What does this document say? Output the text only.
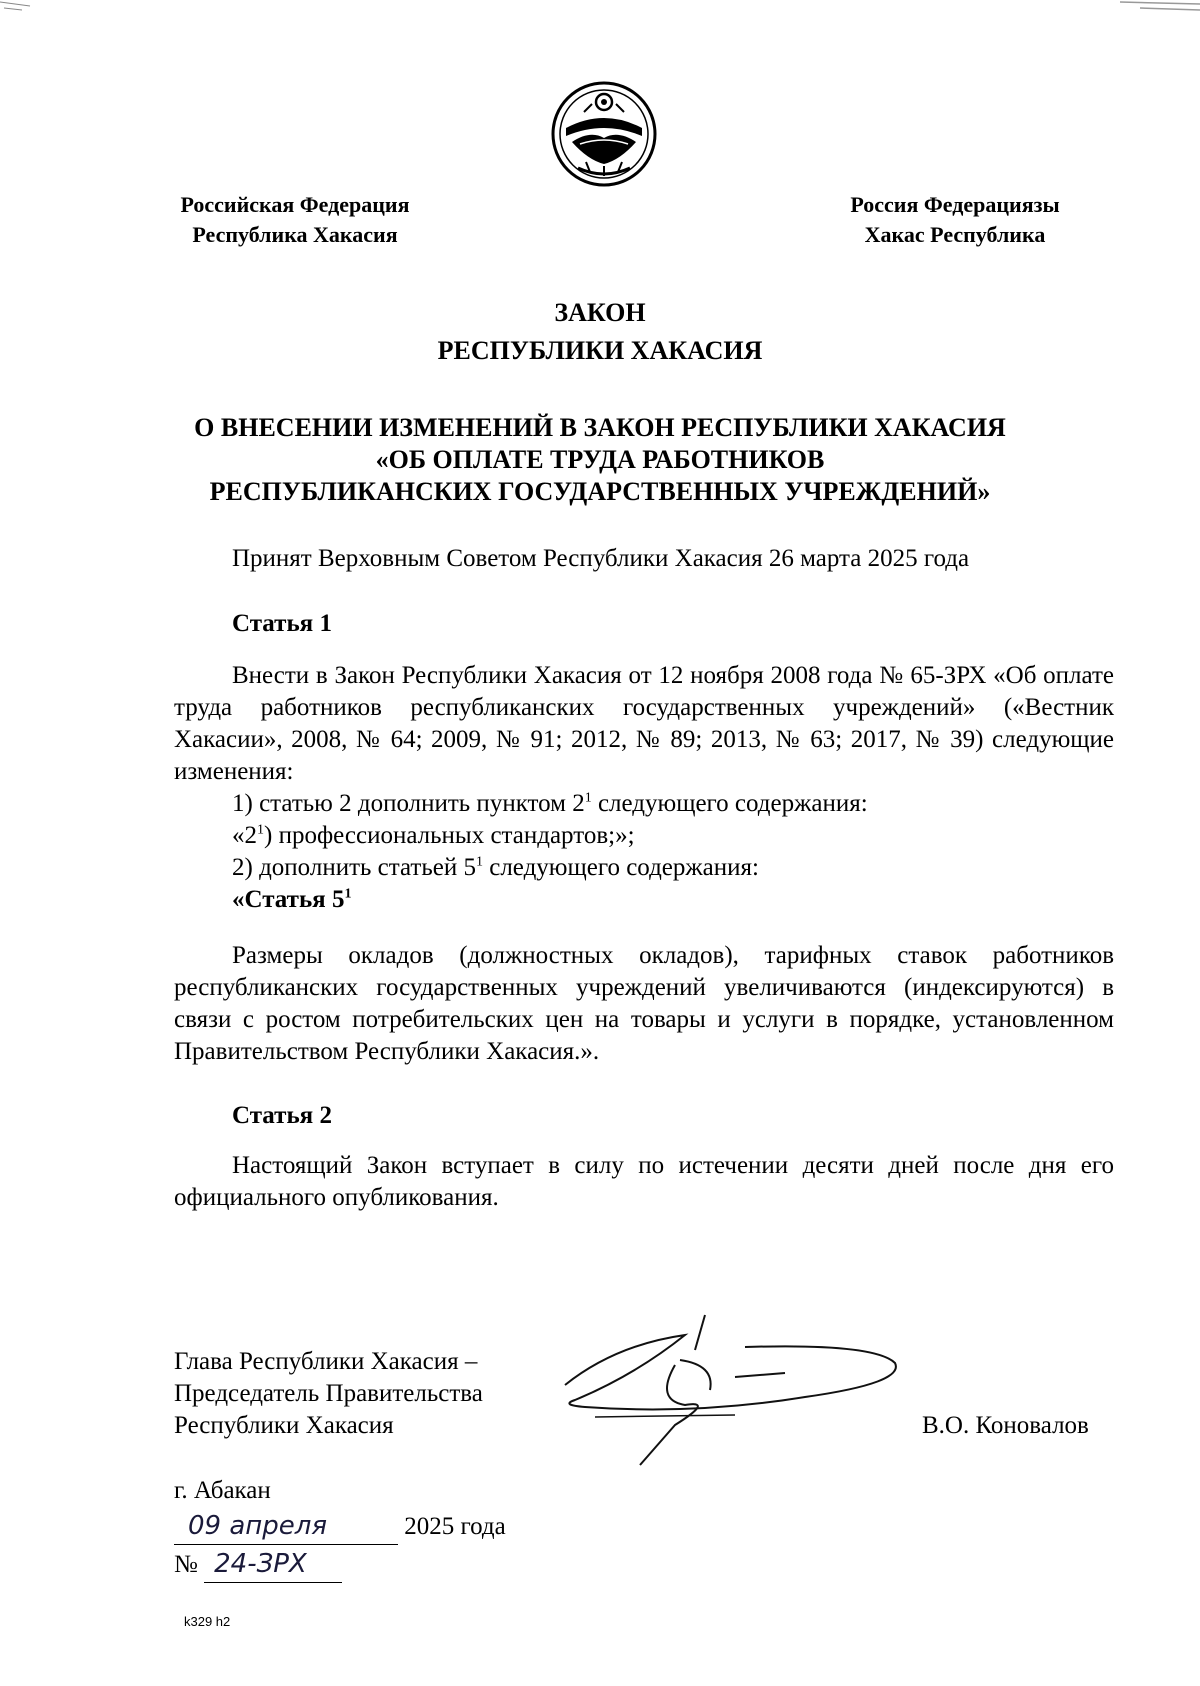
Российская Федерация
Республика Хакасия
Россия Федерациязы
Хакас Республика
ЗАКОН
РЕСПУБЛИКИ ХАКАСИЯ
О ВНЕСЕНИИ ИЗМЕНЕНИЙ В ЗАКОН РЕСПУБЛИКИ ХАКАСИЯ
«ОБ ОПЛАТЕ ТРУДА РАБОТНИКОВ
РЕСПУБЛИКАНСКИХ ГОСУДАРСТВЕННЫХ УЧРЕЖДЕНИЙ»
Принят Верховным Советом Республики Хакасия 26 марта 2025 года
Статья 1
Внести в Закон Республики Хакасия от 12 ноября 2008 года № 65-ЗРХ «Об оплате труда работников республиканских государственных учреждений» («Вестник Хакасии», 2008, № 64; 2009, № 91; 2012, № 89; 2013, № 63; 2017, № 39) следующие изменения:
1) статью 2 дополнить пунктом $2^1$ следующего содержания:
«$2^1$) профессиональных стандартов;»;
2) дополнить статьей $5^1$ следующего содержания:
«Статья $5^1$
Размеры окладов (должностных окладов), тарифных ставок работников республиканских государственных учреждений увеличиваются (индексируются) в связи с ростом потребительских цен на товары и услуги в порядке, установленном Правительством Республики Хакасия.».
Статья 2
Настоящий Закон вступает в силу по истечении десяти дней после дня его официального опубликования.
Глава Республики Хакасия –
Председатель Правительства
Республики Хакасия	В.О. Коновалов
г. Абакан
09 апреля	2025 года
№ 24-ЗРХ
k329 h2
